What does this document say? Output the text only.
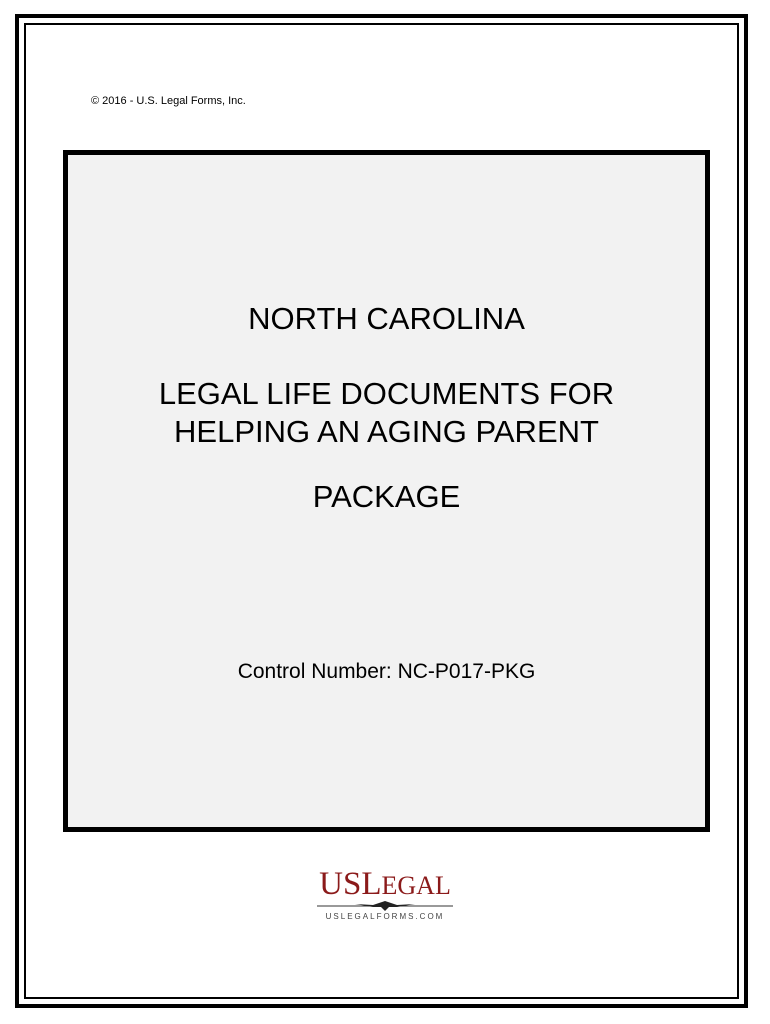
© 2016 - U.S. Legal Forms, Inc.
NORTH CAROLINA
LEGAL LIFE DOCUMENTS FOR
HELPING AN AGING PARENT
PACKAGE
Control Number: NC-P017-PKG
USLEGAL
USLEGALFORMS.COM
